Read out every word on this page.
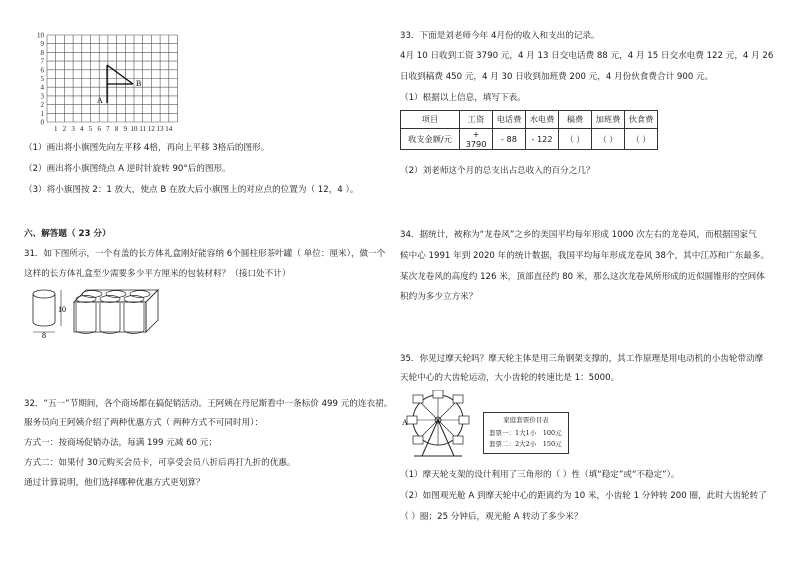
10
9
8
7
6
5
4
3
2
1
0
1 2 3 4 5 6 7 8 9 10 11 12 13 14
A
B
（1）画出将小旗图先向左平移 4格，再向上平移 3格后的图形。
（2）画出将小旗图绕点 A 逆时针旋转 90°后的图形。
（3）将小旗图按 2：1 放大，使点 B 在放大后小旗图上的对应点的位置为（ 12，4 ）。
六、解答题（ 23 分）
31．如下图所示，一个有盖的长方体礼盒刚好能容纳 6个圆柱形茶叶罐（ 单位：厘米），做一个
这样的长方体礼盒至少需要多少平方厘米的包装材料？（接口处不计）
10
8
32．“五一”节期间，各个商场都在搞促销活动。王阿姨在丹尼斯看中一条标价 499 元的连衣裙。
服务员向王阿姨介绍了两种优惠方式（ 两种方式不可同时用）：
方式一：按商场促销办法，每满 199 元减 60 元；
方式二：如果付 30元购买会员卡，可享受会员八折后再打九折的优惠。
通过计算说明，他们选择哪种优惠方式更划算？
33．下面是刘老师今年 4月份的收入和支出的记录。
4月 10 日收到工资 3790 元，4 月 13 日交电话费 88 元，4 月 15 日交水电费 122 元，4 月 26
日收到稿费 450 元，4 月 30 日收到加班费 200 元，4 月份伙食费合计 900 元。
（1）根据以上信息，填写下表。
项目	工资	电话费	水电费	稿费	加班费	伙食费
收支金额/元	+ 3790	- 88	- 122	（ ）	（ ）	（ ）
（2）刘老师这个月的总支出占总收入的百分之几？
34．据统计，被称为“龙卷风”之乡的美国平均每年形成 1000 次左右的龙卷风，而根据国家气
候中心 1991 年到 2020 年的统计数据，我国平均每年形成龙卷风 38个，其中江苏和广东最多。
某次龙卷风的高度约 126 米，顶部直径约 80 米，那么这次龙卷风所形成的近似圆锥形的空间体
积约为多少立方米？
35．你见过摩天轮吗？摩天轮主体是用三角钢架支撑的，其工作原理是用电动机的小齿轮带动摩
天轮中心的大齿轮运动，大小齿轮的转速比是 1：5000。
A	家庭套票价目表
套票一：1大1小　100元
套票二：2大2小　150元
（1）摩天轮支架的设计利用了三角形的（ ）性（填“稳定”或“不稳定”）。
（2）如图观光舱 A 到摩天轮中心的距离约为 10 米，小齿轮 1 分钟转 200 圈，此时大齿轮转了
（ ）圈；25 分钟后，观光舱 A 转动了多少米？
